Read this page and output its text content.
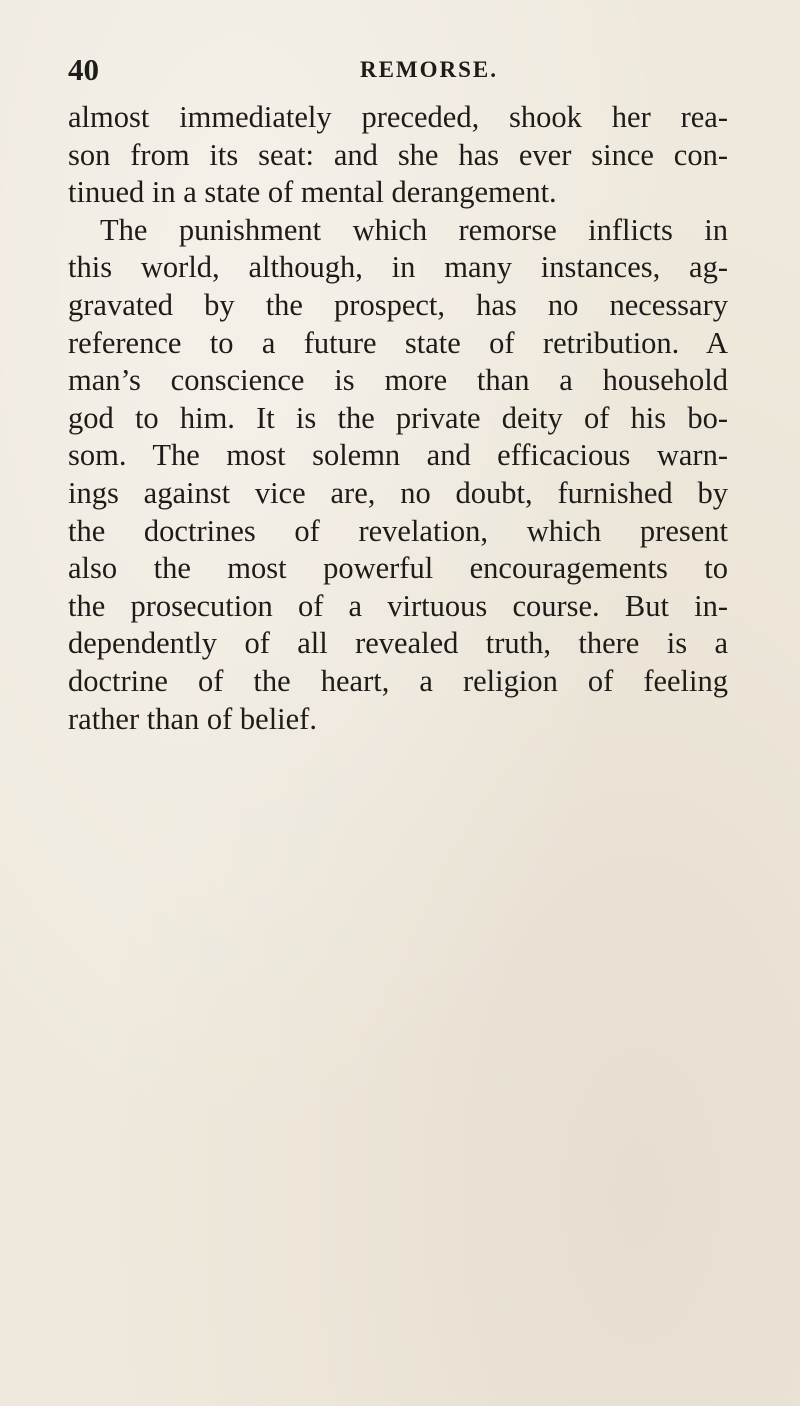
40	REMORSE.
almost immediately preceded, shook her rea-
son from its seat: and she has ever since con-
tinued in a state of mental derangement.
The punishment which remorse inflicts in
this world, although, in many instances, ag-
gravated by the prospect, has no necessary
reference to a future state of retribution. A
man’s conscience is more than a household
god to him. It is the private deity of his bo-
som. The most solemn and efficacious warn-
ings against vice are, no doubt, furnished by
the doctrines of revelation, which present
also the most powerful encouragements to
the prosecution of a virtuous course. But in-
dependently of all revealed truth, there is a
doctrine of the heart, a religion of feeling
rather than of belief.
